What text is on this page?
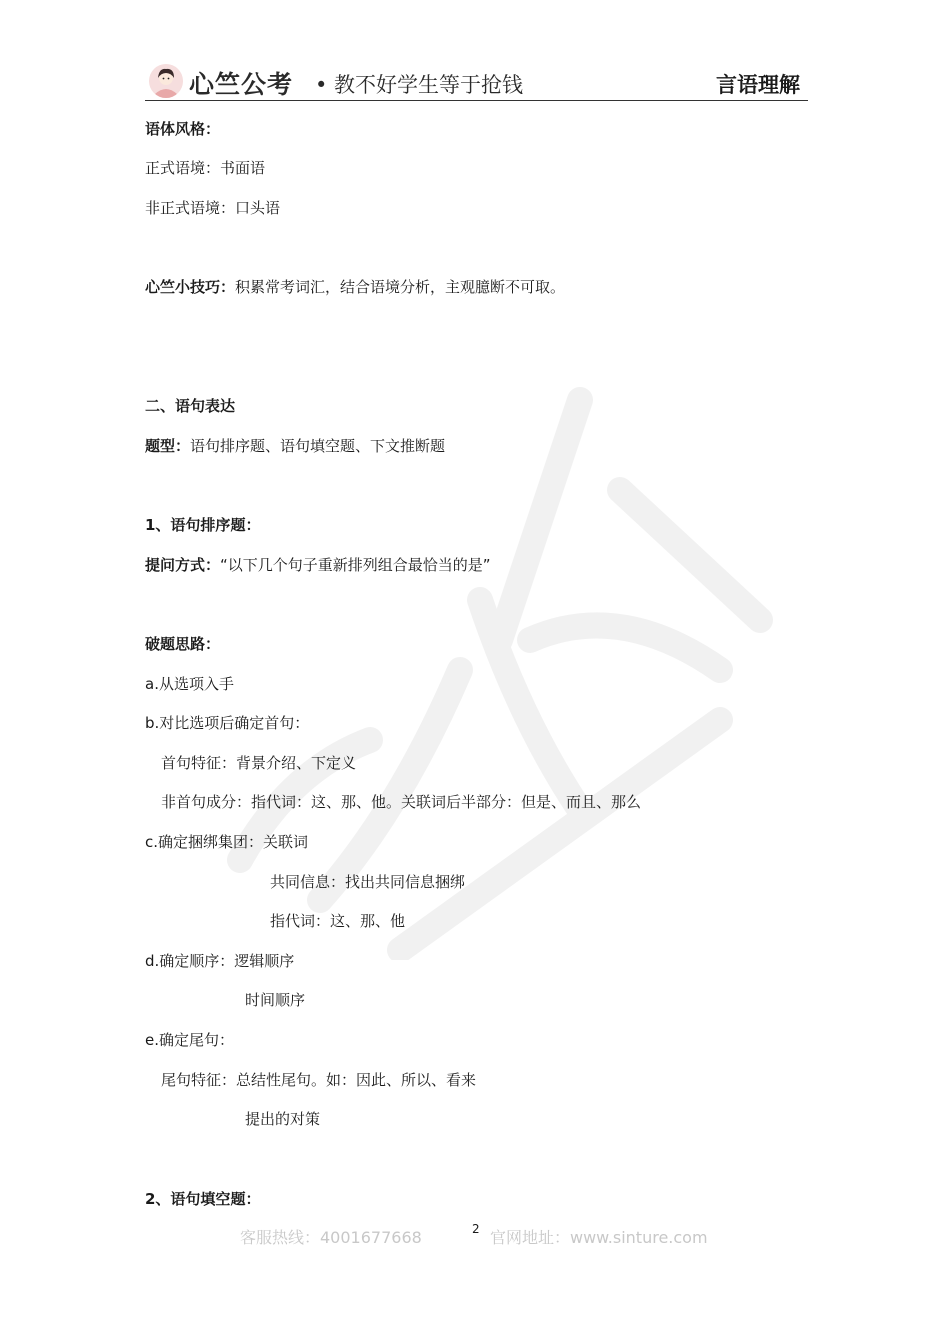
心竺公考 • 教不好学生等于抢钱	言语理解
语体风格：
正式语境：书面语
非正式语境：口头语
心竺小技巧：积累常考词汇，结合语境分析，主观臆断不可取。
二、语句表达
题型：语句排序题、语句填空题、下文推断题
1、语句排序题：
提问方式：“以下几个句子重新排列组合最恰当的是”
破题思路：
a.从选项入手
b.对比选项后确定首句：
首句特征：背景介绍、下定义
非首句成分：指代词：这、那、他。关联词后半部分：但是、而且、那么
c.确定捆绑集团：关联词
共同信息：找出共同信息捆绑
指代词：这、那、他
d.确定顺序：逻辑顺序
时间顺序
e.确定尾句：
尾句特征：总结性尾句。如：因此、所以、看来
提出的对策
2、语句填空题：
客服热线：4001677668	2 官网地址：www.sinture.com
